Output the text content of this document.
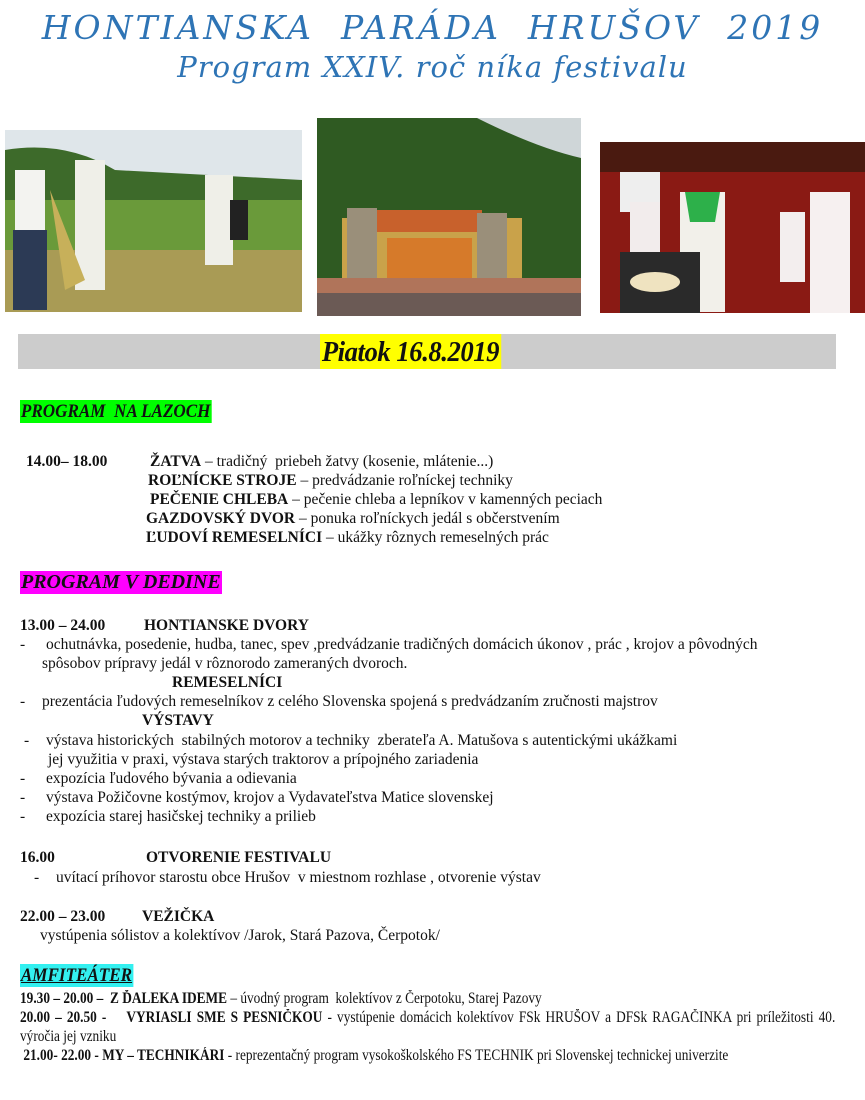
HONTIANSKA  PARÁDA  HRUŠOV  2019
Program XXIV. roč níka festivalu
Piatok 16.8.2019
PROGRAM  NA LAZOCH
14.00– 18.00	ŽATVA – tradičný  priebeh žatvy (kosenie, mlátenie...)
ROĽNÍCKE STROJE – predvádzanie roľníckej techniky
PEČENIE CHLEBA – pečenie chleba a lepníkov v kamenných peciach
GAZDOVSKÝ DVOR – ponuka roľníckych jedál s občerstvením
ĽUDOVÍ REMESELNÍCI – ukážky rôznych remeselných prác
PROGRAM V DEDINE
13.00 – 24.00	HONTIANSKE DVORY
- ochutnávka, posedenie, hudba, tanec, spev ,predvádzanie tradičných domácich úkonov , prác , krojov a pôvodných
spôsobov prípravy jedál v rôznorodo zameraných dvoroch.
REMESELNÍCI
- prezentácia ľudových remeselníkov z celého Slovenska spojená s predvádzaním zručnosti majstrov
VÝSTAVY
- výstava historických  stabilných motorov a techniky  zberateľa A. Matušova s autentickými ukážkami
jej využitia v praxi, výstava starých traktorov a prípojného zariadenia
- expozícia ľudového bývania a odievania
- výstava Požičovne kostýmov, krojov a Vydavateľstva Matice slovenskej
- expozícia starej hasičskej techniky a prilieb
16.00	OTVORENIE FESTIVALU
- uvítací príhovor starostu obce Hrušov  v miestnom rozhlase , otvorenie výstav
22.00 – 23.00 VEŽIČKA
vystúpenia sólistov a kolektívov /Jarok, Stará Pazova, Čerpotok/
AMFITEÁTER
19.30 – 20.00 –  Z ĎALEKA IDEME – úvodný program  kolektívov z Čerpotoku, Starej Pazovy
20.00 – 20.50 -    VYRIASLI SME S PESNIČKOU - vystúpenie domácich kolektívov FSk HRUŠOV a DFSk RAGAČINKA pri príležitosti 40. výročia jej vzniku
21.00- 22.00 - MY – TECHNIKÁRI - reprezentačný program vysokoškolského FS TECHNIK pri Slovenskej technickej univerzite
